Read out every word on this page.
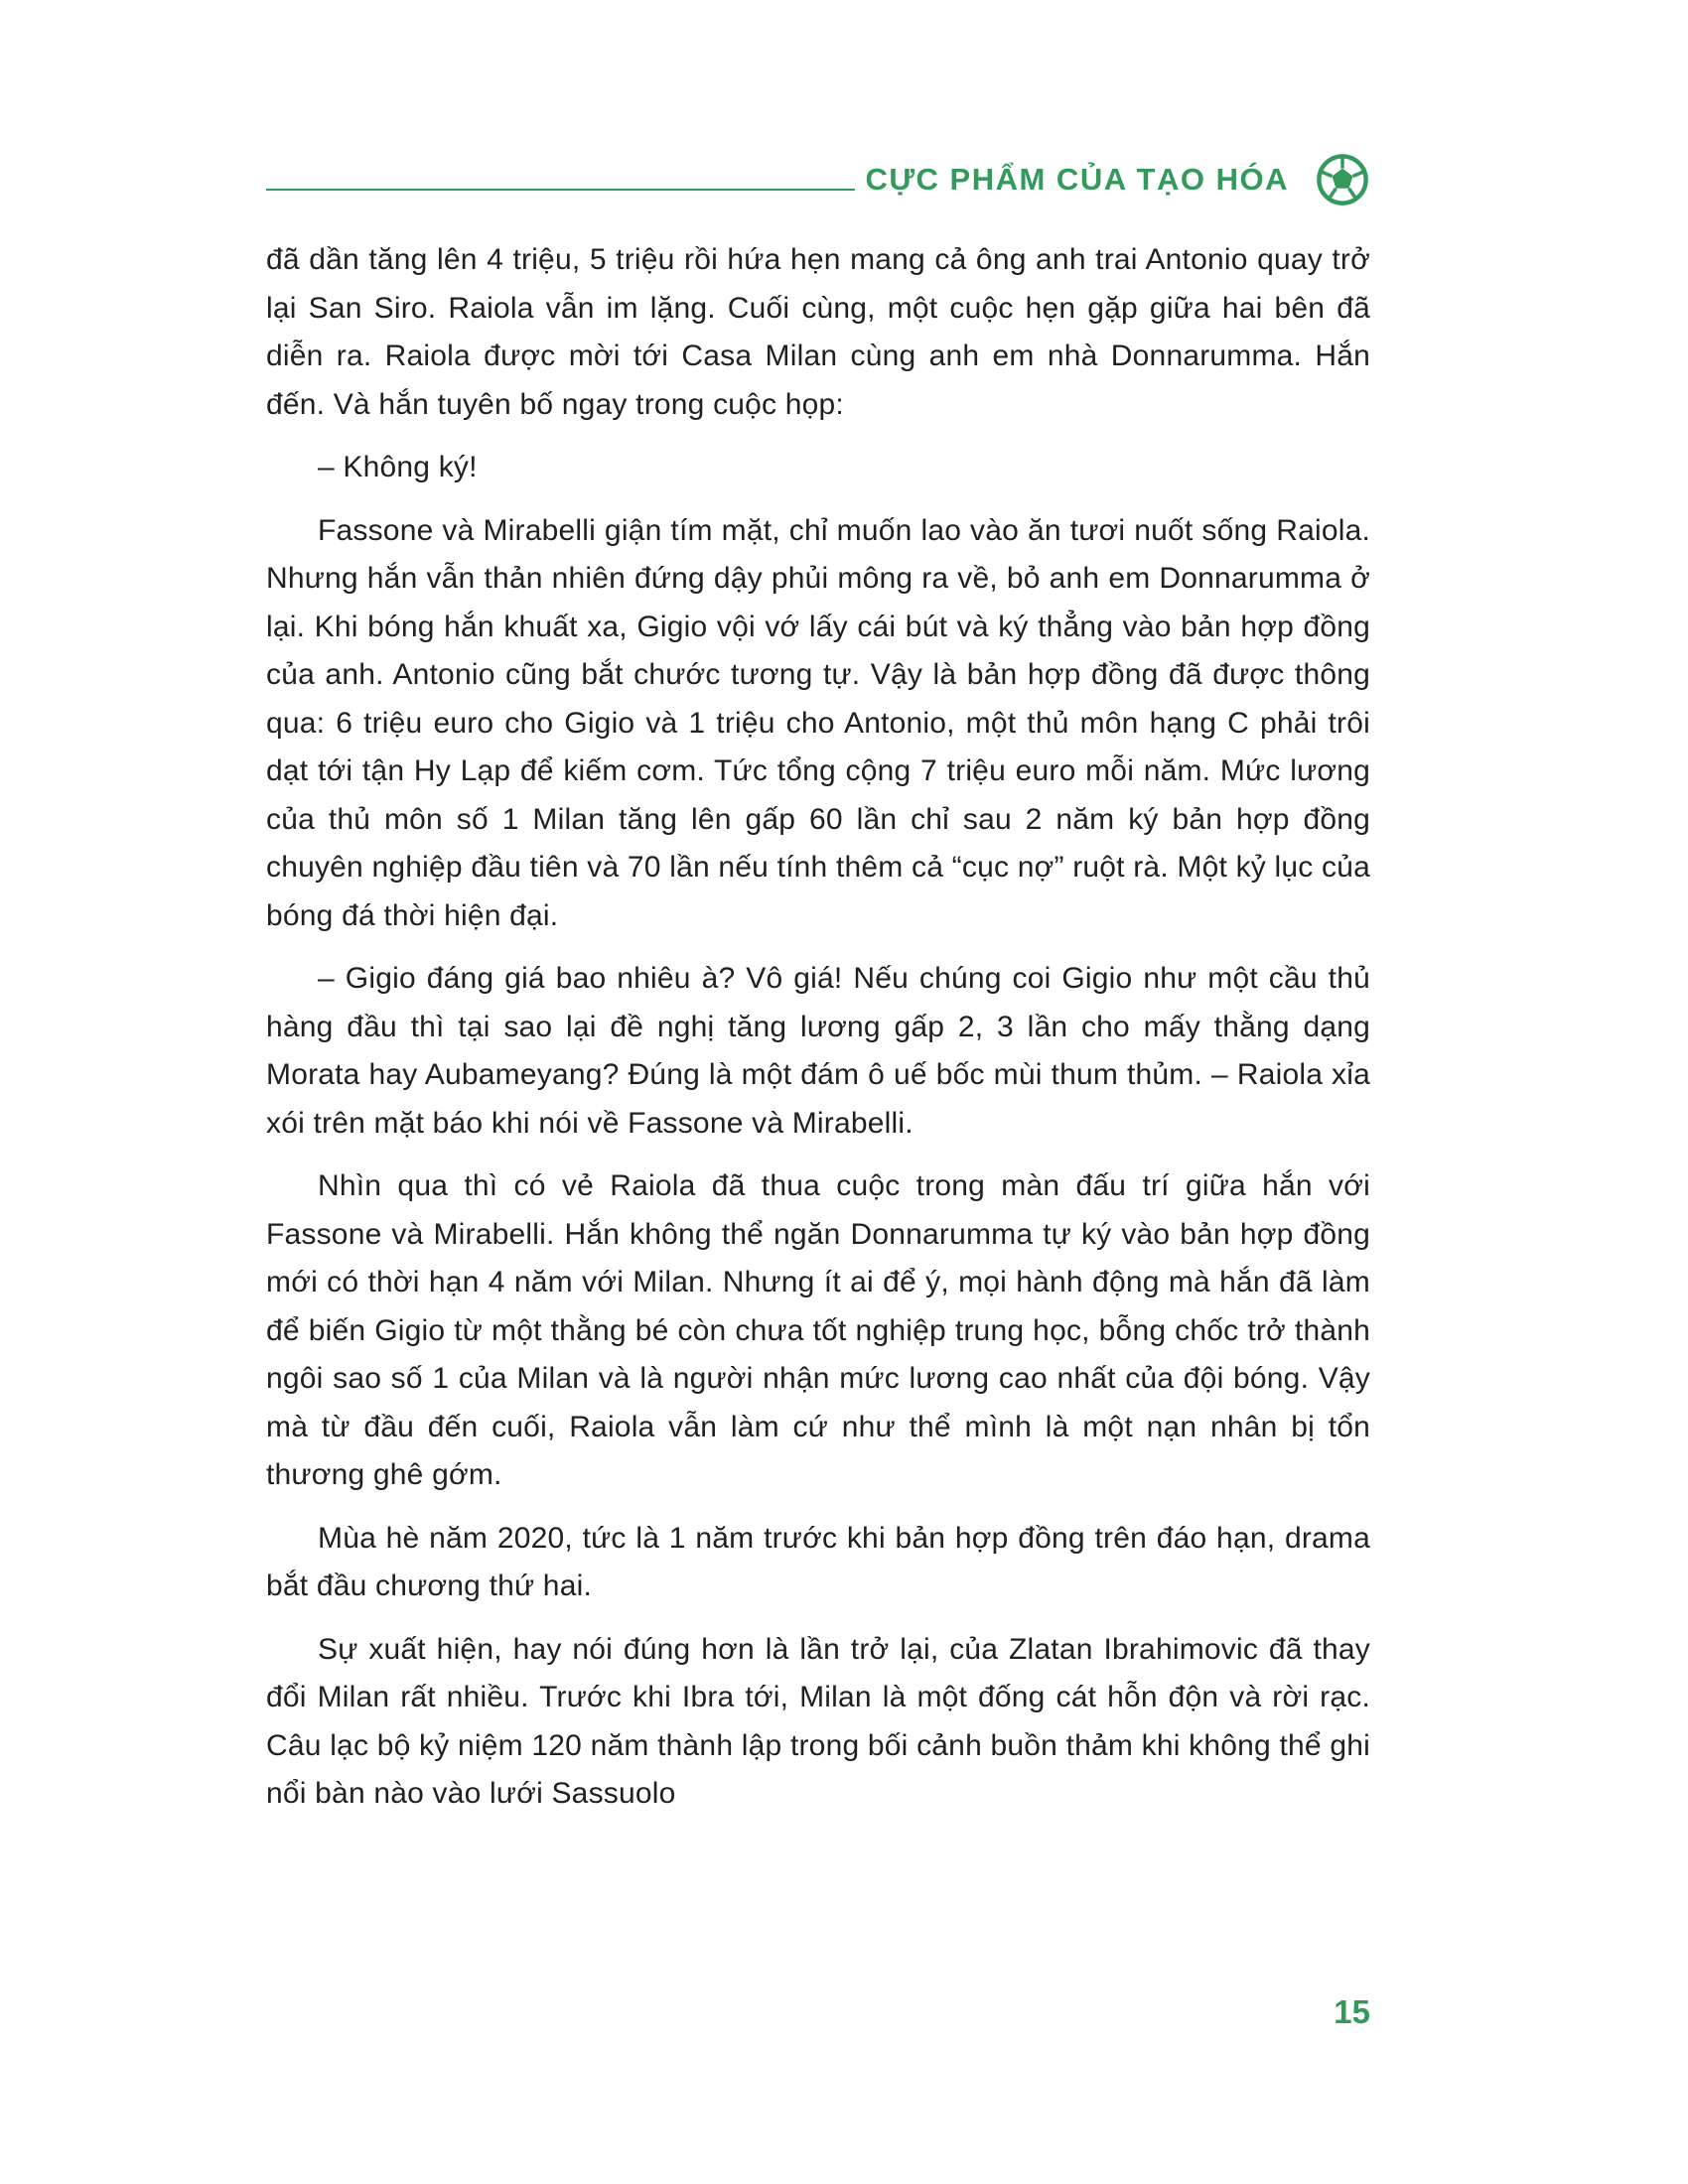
CỰC PHẨM CỦA TẠO HÓA

đã dần tăng lên 4 triệu, 5 triệu rồi hứa hẹn mang cả ông anh trai Antonio quay trở lại San Siro. Raiola vẫn im lặng. Cuối cùng, một cuộc hẹn gặp giữa hai bên đã diễn ra. Raiola được mời tới Casa Milan cùng anh em nhà Donnarumma. Hắn đến. Và hắn tuyên bố ngay trong cuộc họp:

– Không ký!

Fassone và Mirabelli giận tím mặt, chỉ muốn lao vào ăn tươi nuốt sống Raiola. Nhưng hắn vẫn thản nhiên đứng dậy phủi mông ra về, bỏ anh em Donnarumma ở lại. Khi bóng hắn khuất xa, Gigio vội vớ lấy cái bút và ký thẳng vào bản hợp đồng của anh. Antonio cũng bắt chước tương tự. Vậy là bản hợp đồng đã được thông qua: 6 triệu euro cho Gigio và 1 triệu cho Antonio, một thủ môn hạng C phải trôi dạt tới tận Hy Lạp để kiếm cơm. Tức tổng cộng 7 triệu euro mỗi năm. Mức lương của thủ môn số 1 Milan tăng lên gấp 60 lần chỉ sau 2 năm ký bản hợp đồng chuyên nghiệp đầu tiên và 70 lần nếu tính thêm cả “cục nợ” ruột rà. Một kỷ lục của bóng đá thời hiện đại.

– Gigio đáng giá bao nhiêu à? Vô giá! Nếu chúng coi Gigio như một cầu thủ hàng đầu thì tại sao lại đề nghị tăng lương gấp 2, 3 lần cho mấy thằng dạng Morata hay Aubameyang? Đúng là một đám ô uế bốc mùi thum thủm. – Raiola xỉa xói trên mặt báo khi nói về Fassone và Mirabelli.

Nhìn qua thì có vẻ Raiola đã thua cuộc trong màn đấu trí giữa hắn với Fassone và Mirabelli. Hắn không thể ngăn Donnarumma tự ký vào bản hợp đồng mới có thời hạn 4 năm với Milan. Nhưng ít ai để ý, mọi hành động mà hắn đã làm để biến Gigio từ một thằng bé còn chưa tốt nghiệp trung học, bỗng chốc trở thành ngôi sao số 1 của Milan và là người nhận mức lương cao nhất của đội bóng. Vậy mà từ đầu đến cuối, Raiola vẫn làm cứ như thể mình là một nạn nhân bị tổn thương ghê gớm.

Mùa hè năm 2020, tức là 1 năm trước khi bản hợp đồng trên đáo hạn, drama bắt đầu chương thứ hai.

Sự xuất hiện, hay nói đúng hơn là lần trở lại, của Zlatan Ibrahimovic đã thay đổi Milan rất nhiều. Trước khi Ibra tới, Milan là một đống cát hỗn độn và rời rạc. Câu lạc bộ kỷ niệm 120 năm thành lập trong bối cảnh buồn thảm khi không thể ghi nổi bàn nào vào lưới Sassuolo

15
